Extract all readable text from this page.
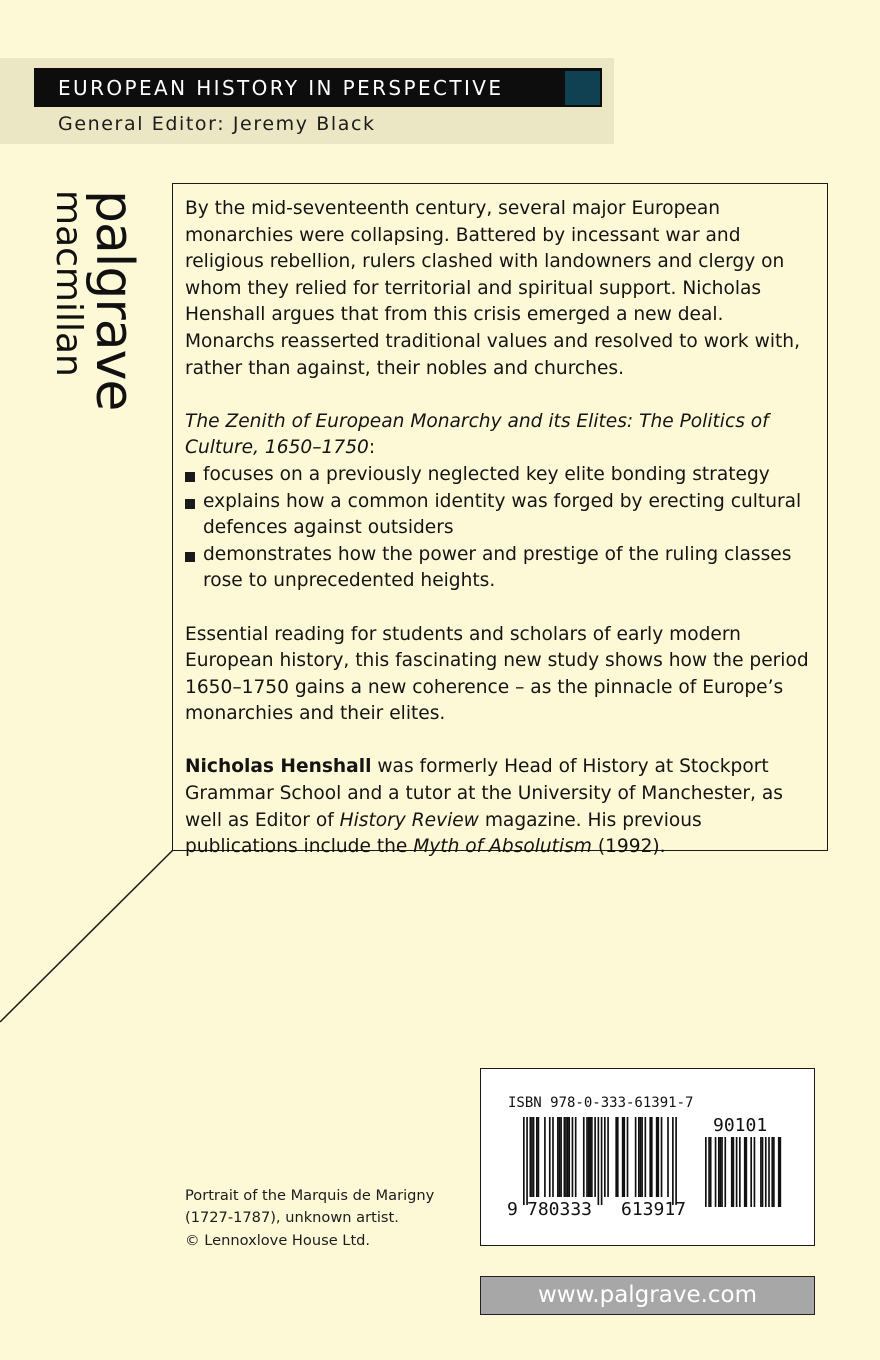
EUROPEAN HISTORY IN PERSPECTIVE
General Editor: Jeremy Black
palgrave
macmillan	By the mid-seventeenth century, several major European monarchies were collapsing. Battered by incessant war and religious rebellion, rulers clashed with landowners and clergy on whom they relied for territorial and spiritual support. Nicholas Henshall argues that from this crisis emerged a new deal. Monarchs reasserted traditional values and resolved to work with, rather than against, their nobles and churches.

The Zenith of European Monarchy and its Elites: The Politics of Culture, 1650–1750:

focuses on a previously neglected key elite bonding strategy
explains how a common identity was forged by erecting cultural defences against outsiders
demonstrates how the power and prestige of the ruling classes rose to unprecedented heights.

Essential reading for students and scholars of early modern European history, this fascinating new study shows how the period 1650–1750 gains a new coherence – as the pinnacle of Europe’s monarchies and their elites.

Nicholas Henshall was formerly Head of History at Stockport Grammar School and a tutor at the University of Manchester, as well as Editor of History Review magazine. His previous publications include the Myth of Absolutism (1992).

Portrait of the Marquis de Marigny
(1727-1787), unknown artist.
© Lennoxlove House Ltd.
ISBN 978-0-333-61391-7
9 780333 613917
90101
www.palgrave.com
